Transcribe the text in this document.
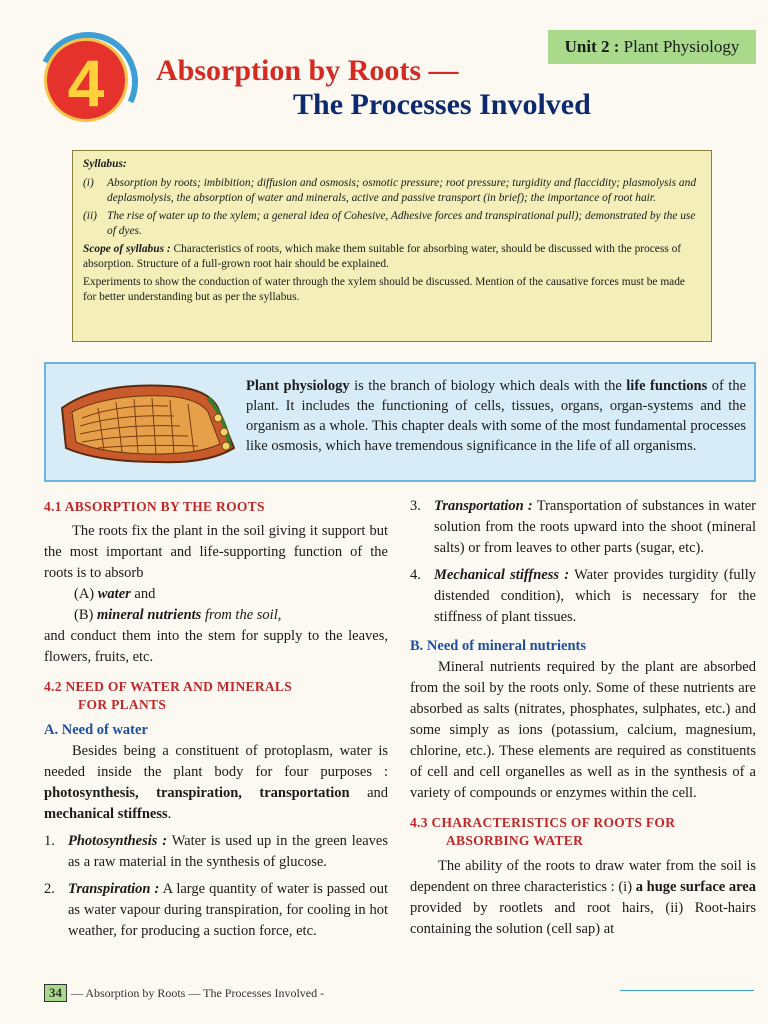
4	Unit 2 : Plant Physiology
Absorption by Roots —
The Processes Involved
Syllabus:
(i)	Absorption by roots; imbibition; diffusion and osmosis; osmotic pressure; root pressure; turgidity and flaccidity; plasmolysis and deplasmolysis, the absorption of water and minerals, active and passive transport (in brief); the importance of root hair.
(ii) The rise of water up to the xylem; a general idea of Cohesive, Adhesive forces and transpirational pull); demonstrated by the use of dyes.

Scope of syllabus : Characteristics of roots, which make them suitable for absorbing water, should be discussed with the process of absorption. Structure of a full-grown root hair should be explained.

Experiments to show the conduction of water through the xylem should be discussed. Mention of the causative forces must be made for better understanding but as per the syllabus.

Plant physiology is the branch of biology which deals with the life functions of the plant. It includes the functioning of cells, tissues, organs, organ-systems and the organism as a whole. This chapter deals with some of the most fundamental processes like osmosis, which have tremendous significance in the life of all organisms.
4.1 ABSORPTION BY THE ROOTS

The roots fix the plant in the soil giving it support but the most important and life-supporting function of the roots is to absorb

(A) water and
(B) mineral nutrients from the soil,

and conduct them into the stem for supply to the leaves, flowers, fruits, etc.

4.2 NEED OF WATER AND MINERALS
FOR PLANTS
A. Need of water

Besides being a constituent of protoplasm, water is needed inside the plant body for four purposes : photosynthesis, transpiration, transportation and mechanical stiffness.

1. Photosynthesis : Water is used up in the green leaves as a raw material in the synthesis of glucose.
2. Transpiration : A large quantity of water is passed out as water vapour during transpiration, for cooling in hot weather, for producing a suction force, etc.
3. Transportation : Transportation of substances in water solution from the roots upward into the shoot (mineral salts) or from leaves to other parts (sugar, etc).
4. Mechanical stiffness : Water provides turgidity (fully distended condition), which is necessary for the stiffness of plant tissues.
B. Need of mineral nutrients

Mineral nutrients required by the plant are absorbed from the soil by the roots only. Some of these nutrients are absorbed as salts (nitrates, phosphates, sulphates, etc.) and some simply as ions (potassium, calcium, magnesium, chlorine, etc.). These elements are required as constituents of cell and cell organelles as well as in the synthesis of a variety of compounds or enzymes within the cell.

4.3 CHARACTERISTICS OF ROOTS FOR
ABSORBING WATER

The ability of the roots to draw water from the soil is dependent on three characteristics : (i) a huge surface area provided by rootlets and root hairs, (ii) Root-hairs containing the solution (cell sap) at

34 — Absorption by Roots — The Processes Involved -
